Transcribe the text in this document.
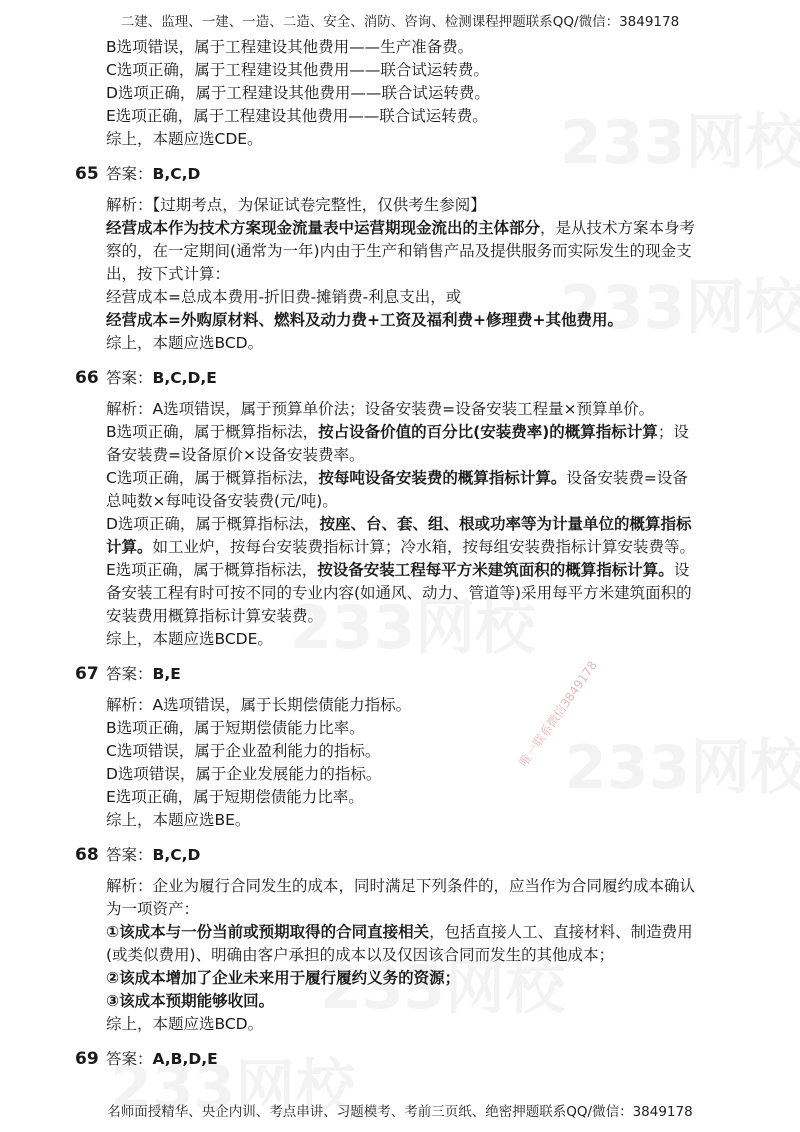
唯一联系微信3849178
二建、监理、一建、一造、二造、安全、消防、咨询、检测课程押题联系QQ/微信：3849178
B选项错误，属于工程建设其他费用——生产准备费。
C选项正确，属于工程建设其他费用——联合试运转费。
D选项正确，属于工程建设其他费用——联合试运转费。
E选项正确，属于工程建设其他费用——联合试运转费。
综上，本题应选CDE。
65 答案：B,C,D
解析：【过期考点，为保证试卷完整性，仅供考生参阅】
经营成本作为技术方案现金流量表中运营期现金流出的主体部分，是从技术方案本身考
察的，在一定期间(通常为一年)内由于生产和销售产品及提供服务而实际发生的现金支
出，按下式计算：
经营成本=总成本费用-折旧费-摊销费-利息支出，或
经营成本=外购原材料、燃料及动力费+工资及福利费+修理费+其他费用。
综上，本题应选BCD。
66 答案：B,C,D,E
解析：A选项错误，属于预算单价法；设备安装费=设备安装工程量×预算单价。
B选项正确，属于概算指标法，按占设备价值的百分比(安装费率)的概算指标计算；设
备安装费=设备原价×设备安装费率。
C选项正确，属于概算指标法，按每吨设备安装费的概算指标计算。设备安装费=设备
总吨数×每吨设备安装费(元/吨)。
D选项正确，属于概算指标法，按座、台、套、组、根或功率等为计量单位的概算指标
计算。如工业炉，按每台安装费指标计算；冷水箱，按每组安装费指标计算安装费等。
E选项正确，属于概算指标法，按设备安装工程每平方米建筑面积的概算指标计算。设
备安装工程有时可按不同的专业内容(如通风、动力、管道等)采用每平方米建筑面积的
安装费用概算指标计算安装费。
综上，本题应选BCDE。
67 答案：B,E
解析：A选项错误，属于长期偿债能力指标。
B选项正确，属于短期偿债能力比率。
C选项错误，属于企业盈利能力的指标。
D选项错误，属于企业发展能力的指标。
E选项正确，属于短期偿债能力比率。
综上，本题应选BE。
68 答案：B,C,D
解析：企业为履行合同发生的成本，同时满足下列条件的，应当作为合同履约成本确认
为一项资产：
①该成本与一份当前或预期取得的合同直接相关，包括直接人工、直接材料、制造费用
(或类似费用)、明确由客户承担的成本以及仅因该合同而发生的其他成本；
②该成本增加了企业未来用于履行履约义务的资源；
③该成本预期能够收回。
综上，本题应选BCD。
69 答案：A,B,D,E
名师面授精华、央企内训、考点串讲、习题模考、考前三页纸、绝密押题联系QQ/微信：3849178
